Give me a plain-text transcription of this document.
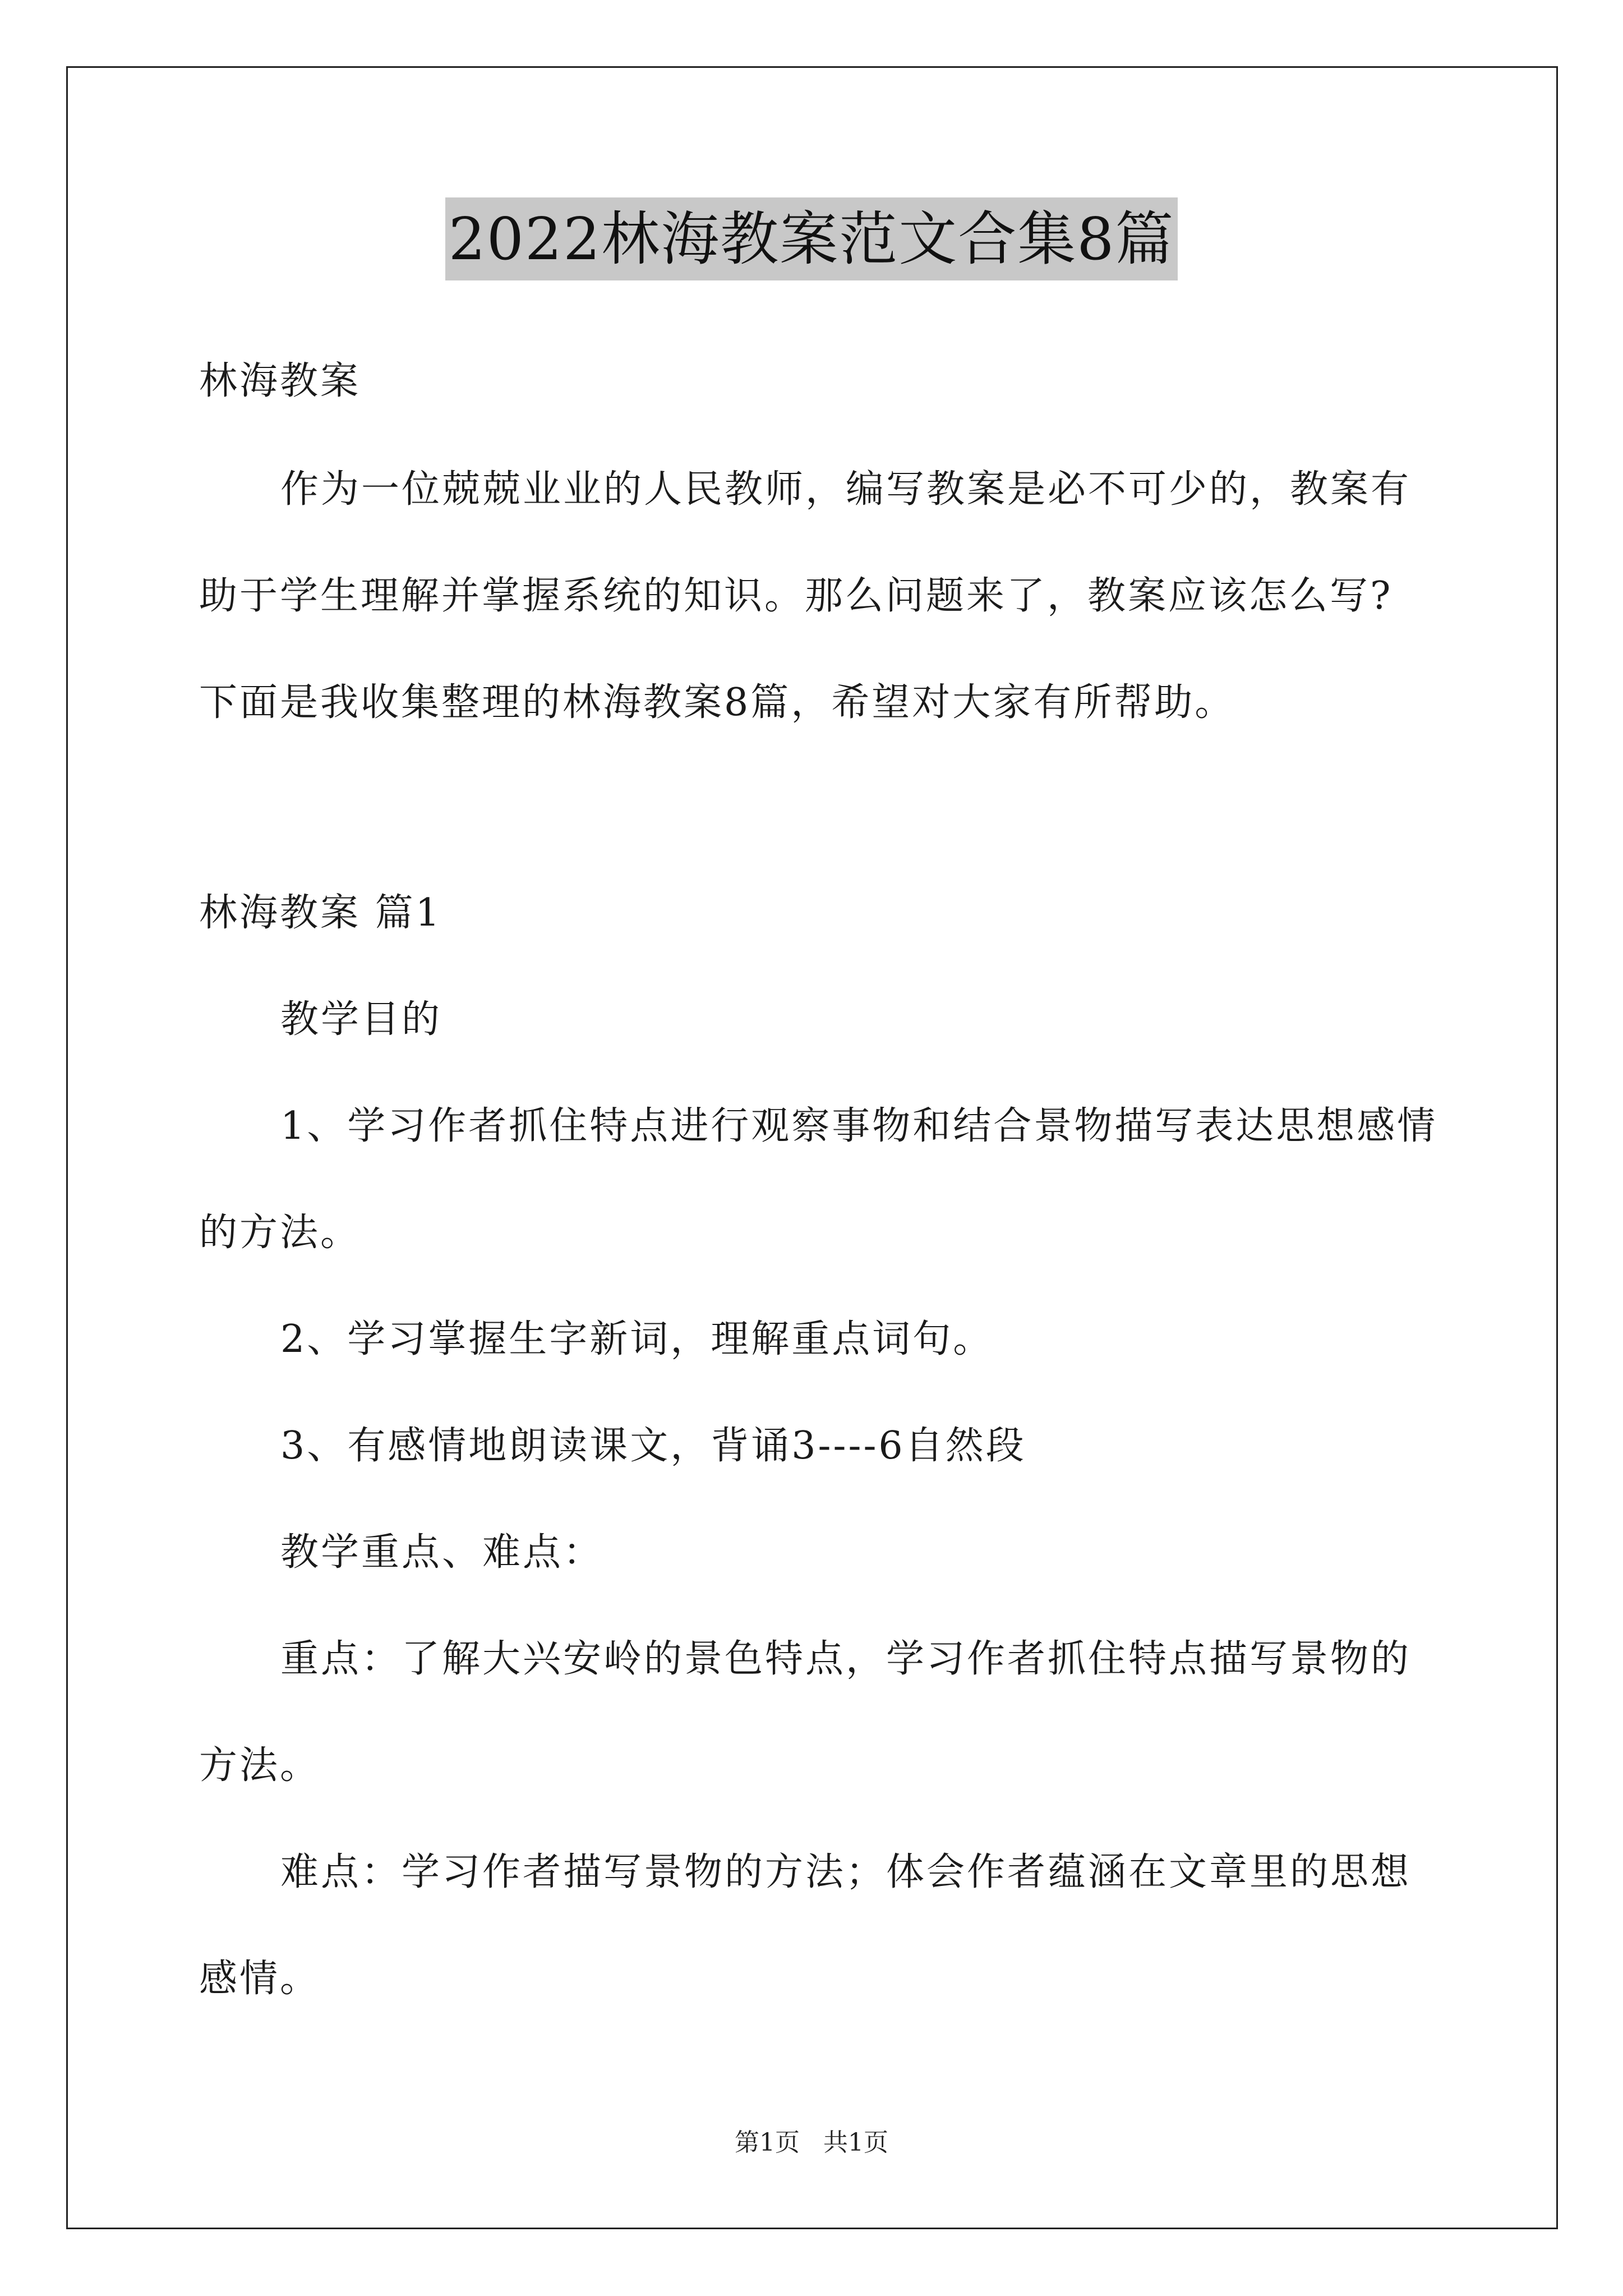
2022林海教案范文合集8篇
林海教案
作为一位兢兢业业的人民教师，编写教案是必不可少的，教案有
助于学生理解并掌握系统的知识。那么问题来了，教案应该怎么写?
下面是我收集整理的林海教案8篇，希望对大家有所帮助。
林海教案 篇1
教学目的
1、学习作者抓住特点进行观察事物和结合景物描写表达思想感情
的方法。
2、学习掌握生字新词，理解重点词句。
3、有感情地朗读课文，背诵3----6自然段
教学重点、难点：
重点：了解大兴安岭的景色特点，学习作者抓住特点描写景物的
方法。
难点：学习作者描写景物的方法；体会作者蕴涵在文章里的思想
感情。
第1页 共1页
